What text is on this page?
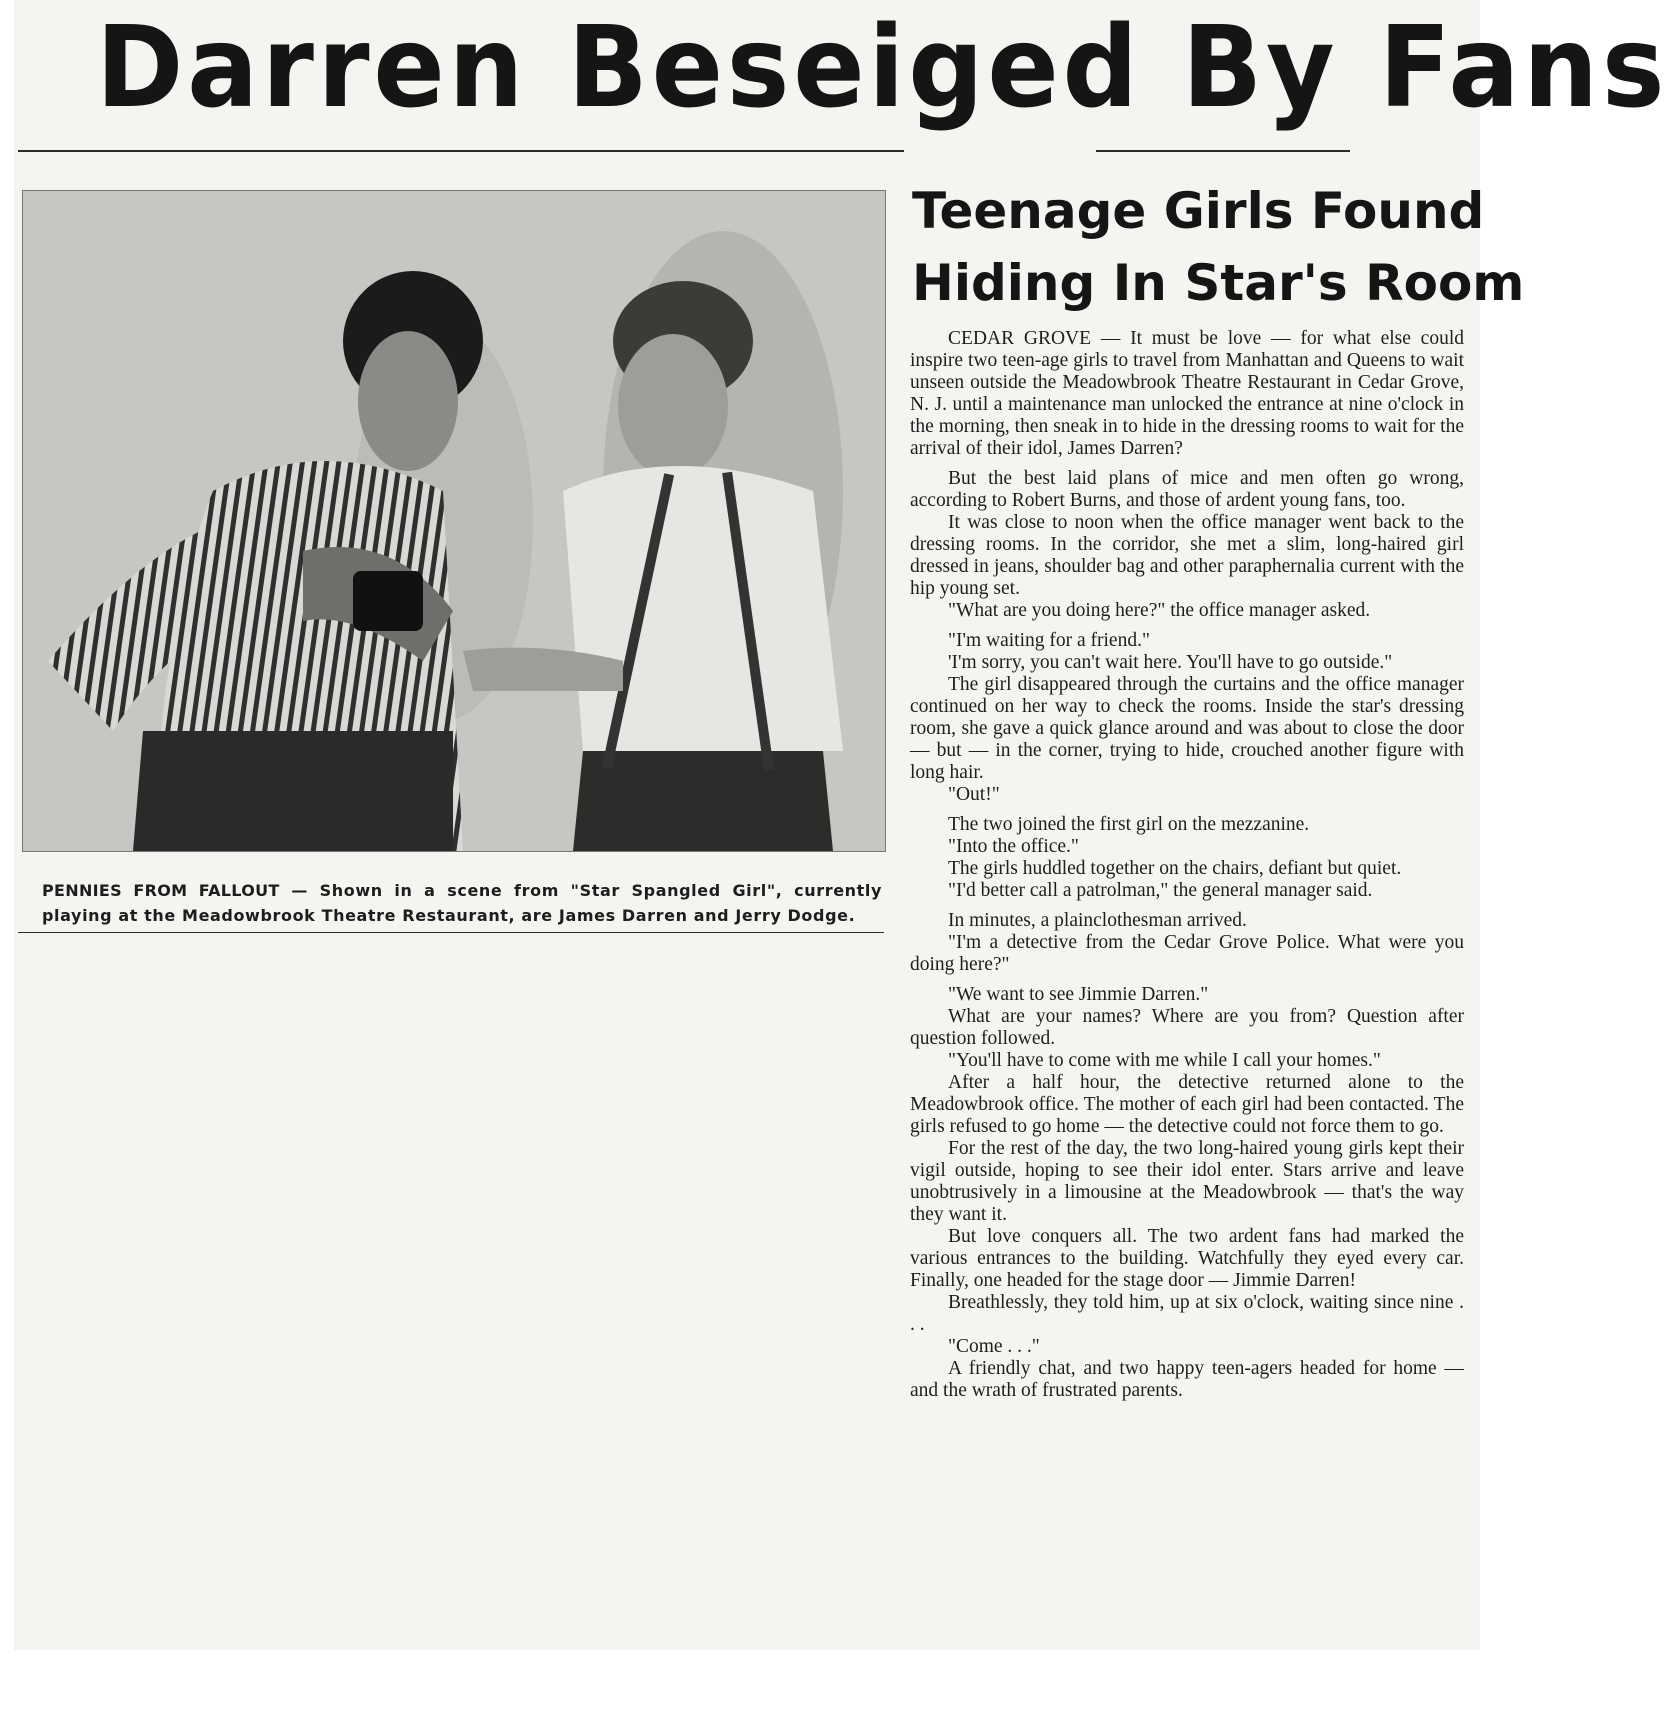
Darren Beseiged By Fans
PENNIES FROM FALLOUT — Shown in a scene from "Star Spangled Girl", currently playing at the Meadowbrook Theatre Restaurant, are James Darren and Jerry Dodge.
Teenage Girls Found
Hiding In Star's Room

CEDAR GROVE — It must be love — for what else could inspire two teen-age girls to travel from Manhattan and Queens to wait unseen outside the Meadowbrook Theatre Restaurant in Cedar Grove, N. J. until a maintenance man unlocked the entrance at nine o'clock in the morning, then sneak in to hide in the dressing rooms to wait for the arrival of their idol, James Darren?

But the best laid plans of mice and men often go wrong, according to Robert Burns, and those of ardent young fans, too.

It was close to noon when the office manager went back to the dressing rooms. In the corridor, she met a slim, long-haired girl dressed in jeans, shoulder bag and other paraphernalia current with the hip young set.

"What are you doing here?" the office manager asked.

"I'm waiting for a friend."

'I'm sorry, you can't wait here. You'll have to go outside."

The girl disappeared through the curtains and the office manager continued on her way to check the rooms. Inside the star's dressing room, she gave a quick glance around and was about to close the door — but — in the corner, trying to hide, crouched another figure with long hair.

"Out!"

The two joined the first girl on the mezzanine.

"Into the office."

The girls huddled together on the chairs, defiant but quiet.

"I'd better call a patrolman," the general manager said.

In minutes, a plainclothesman arrived.

"I'm a detective from the Cedar Grove Police. What were you doing here?"

"We want to see Jimmie Darren."

What are your names? Where are you from? Question after question followed.

"You'll have to come with me while I call your homes."

After a half hour, the detective returned alone to the Meadowbrook office. The mother of each girl had been contacted. The girls refused to go home — the detective could not force them to go.

For the rest of the day, the two long-haired young girls kept their vigil outside, hoping to see their idol enter. Stars arrive and leave unobtrusively in a limousine at the Meadowbrook — that's the way they want it.

But love conquers all. The two ardent fans had marked the various entrances to the building. Watchfully they eyed every car. Finally, one headed for the stage door — Jimmie Darren!

Breathlessly, they told him, up at six o'clock, waiting since nine . . .

"Come . . ."

A friendly chat, and two happy teen-agers headed for home — and the wrath of frustrated parents.
